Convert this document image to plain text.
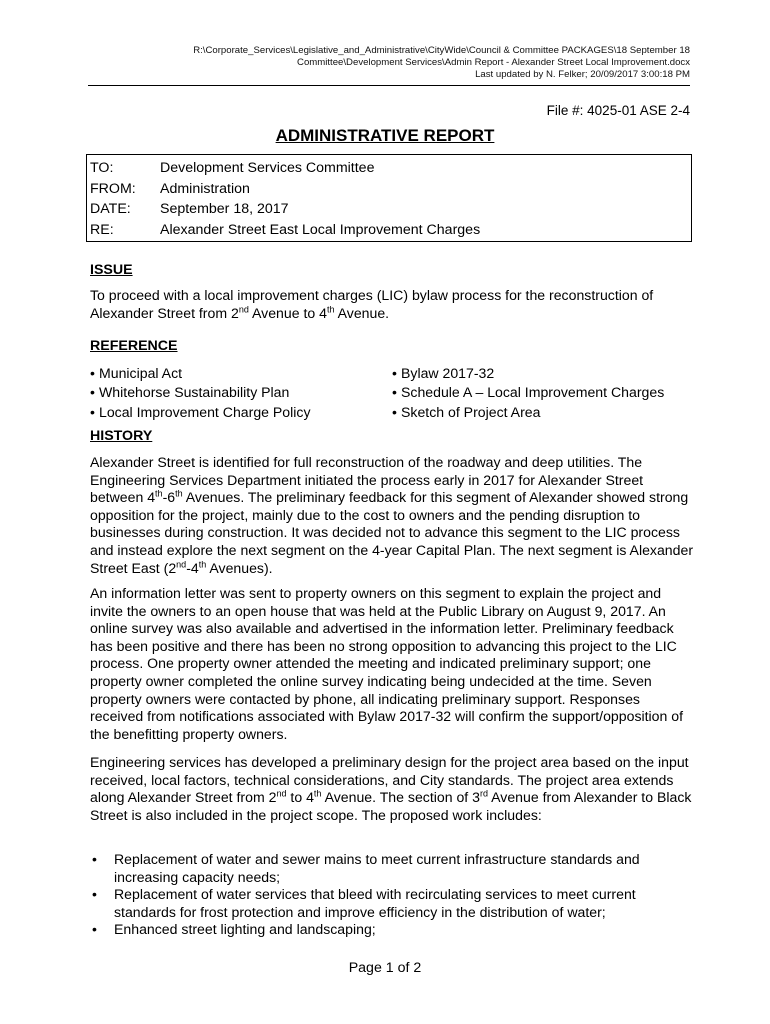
R:\Corporate_Services\Legislative_and_Administrative\CityWide\Council & Committee PACKAGES\18 September 18
Committee\Development Services\Admin Report - Alexander Street Local Improvement.docx
Last updated by N. Felker; 20/09/2017 3:00:18 PM
File #: 4025-01 ASE 2-4
ADMINISTRATIVE REPORT
TO:	Development Services Committee
FROM:	Administration
DATE:	September 18, 2017
RE:	Alexander Street East Local Improvement Charges
ISSUE

To proceed with a local improvement charges (LIC) bylaw process for the reconstruction of Alexander Street from 2nd Avenue to 4th Avenue.

REFERENCE
• Municipal Act
• Whitehorse Sustainability Plan
• Local Improvement Charge Policy
• Bylaw 2017-32
• Schedule A – Local Improvement Charges
• Sketch of Project Area
HISTORY

Alexander Street is identified for full reconstruction of the roadway and deep utilities. The Engineering Services Department initiated the process early in 2017 for Alexander Street between 4th-6th Avenues. The preliminary feedback for this segment of Alexander showed strong opposition for the project, mainly due to the cost to owners and the pending disruption to businesses during construction. It was decided not to advance this segment to the LIC process and instead explore the next segment on the 4-year Capital Plan. The next segment is Alexander Street East (2nd-4th Avenues).

An information letter was sent to property owners on this segment to explain the project and invite the owners to an open house that was held at the Public Library on August 9, 2017. An online survey was also available and advertised in the information letter. Preliminary feedback has been positive and there has been no strong opposition to advancing this project to the LIC process. One property owner attended the meeting and indicated preliminary support; one property owner completed the online survey indicating being undecided at the time. Seven property owners were contacted by phone, all indicating preliminary support. Responses received from notifications associated with Bylaw 2017-32 will confirm the support/opposition of the benefitting property owners.

Engineering services has developed a preliminary design for the project area based on the input received, local factors, technical considerations, and City standards. The project area extends along Alexander Street from 2nd to 4th Avenue. The section of 3rd Avenue from Alexander to Black Street is also included in the project scope. The proposed work includes:

•	Replacement of water and sewer mains to meet current infrastructure standards and increasing capacity needs;
•	Replacement of water services that bleed with recirculating services to meet current standards for frost protection and improve efficiency in the distribution of water;
•	Enhanced street lighting and landscaping;
Page 1 of 2
